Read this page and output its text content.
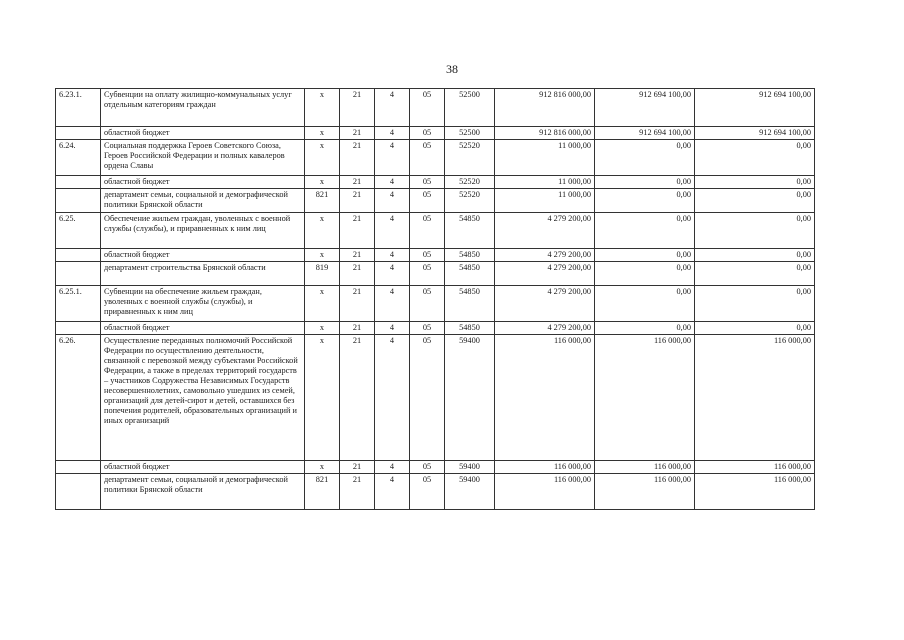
38
6.23.1.	Субвенции на оплату жилищно-коммунальных услуг отдельным категориям граждан	х	21	4	05	52500	912 816 000,00	912 694 100,00	912 694 100,00
	областной бюджет	х	21	4	05	52500	912 816 000,00	912 694 100,00	912 694 100,00
6.24.	Социальная поддержка Героев Советского Союза, Героев Российской Федерации и полных кавалеров ордена Славы	х	21	4	05	52520	11 000,00	0,00	0,00
	областной бюджет	х	21	4	05	52520	11 000,00	0,00	0,00
	департамент семьи, социальной и демографической политики Брянской области	821	21	4	05	52520	11 000,00	0,00	0,00
6.25.	Обеспечение жильем граждан, уволенных с военной службы (службы), и приравненных к ним лиц	х	21	4	05	54850	4 279 200,00	0,00	0,00
	областной бюджет	х	21	4	05	54850	4 279 200,00	0,00	0,00
	департамент строительства Брянской области	819	21	4	05	54850	4 279 200,00	0,00	0,00
6.25.1.	Субвенции на обеспечение жильем граждан, уволенных с военной службы (службы), и приравненных к ним лиц	х	21	4	05	54850	4 279 200,00	0,00	0,00
	областной бюджет	х	21	4	05	54850	4 279 200,00	0,00	0,00
6.26.	Осуществление переданных полномочий Российской Федерации по осуществлению деятельности, связанной с перевозкой между субъектами Российской Федерации, а также в пределах территорий государств – участников Содружества Независимых Государств несовершеннолетних, самовольно ушедших из семей, организаций для детей-сирот и детей, оставшихся без попечения родителей, образовательных организаций и иных организаций	х	21	4	05	59400	116 000,00	116 000,00	116 000,00
	областной бюджет	х	21	4	05	59400	116 000,00	116 000,00	116 000,00
	департамент семьи, социальной и демографической политики Брянской области	821	21	4	05	59400	116 000,00	116 000,00	116 000,00
